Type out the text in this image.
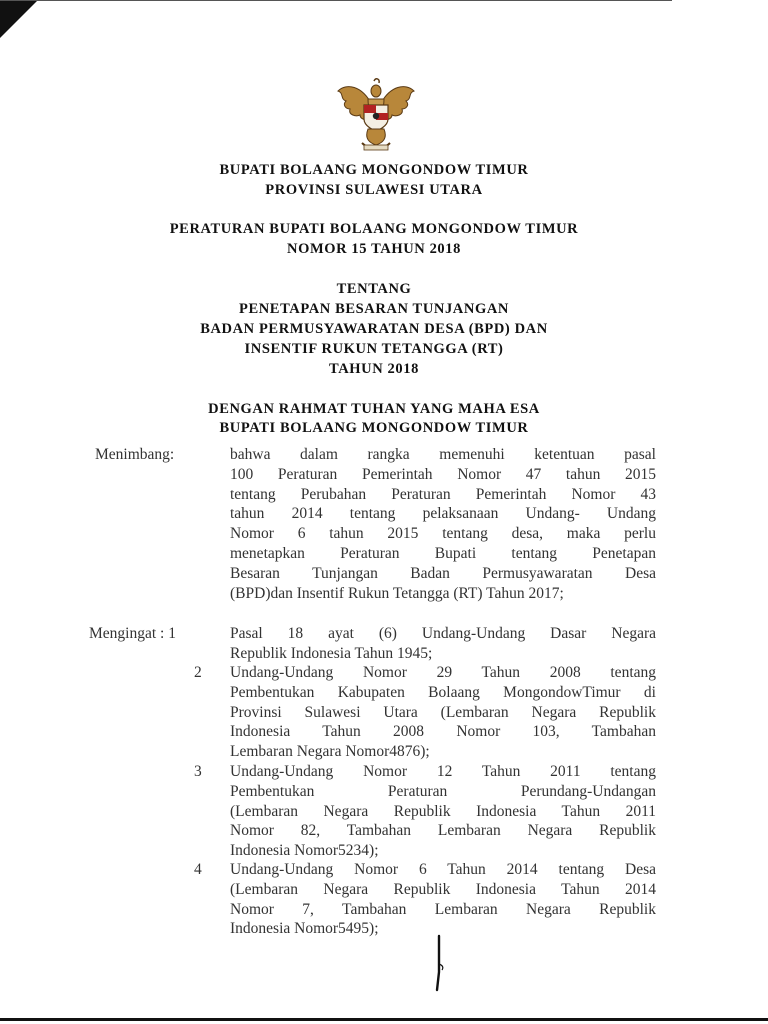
BUPATI BOLAANG MONGONDOW TIMUR
PROVINSI SULAWESI UTARA
PERATURAN BUPATI BOLAANG MONGONDOW TIMUR
NOMOR 15 TAHUN 2018
TENTANG
PENETAPAN BESARAN TUNJANGAN
BADAN PERMUSYAWARATAN DESA (BPD) DAN
INSENTIF RUKUN TETANGGA (RT)
TAHUN 2018
DENGAN RAHMAT TUHAN YANG MAHA ESA
BUPATI BOLAANG MONGONDOW TIMUR
Menimbang:	bahwa dalam rangka memenuhi ketentuan pasal
100 Peraturan Pemerintah Nomor 47 tahun 2015
tentang Perubahan Peraturan Pemerintah Nomor 43
tahun 2014 tentang pelaksanaan Undang- Undang
Nomor 6 tahun 2015 tentang desa, maka perlu
menetapkan Peraturan Bupati tentang Penetapan
Besaran Tunjangan Badan Permusyawaratan Desa
(BPD)dan Insentif Rukun Tetangga (RT) Tahun 2017;
Mengingat : 1	Pasal 18 ayat (6) Undang-Undang Dasar Negara
Republik Indonesia Tahun 1945;
2 Undang-Undang Nomor 29 Tahun 2008 tentang
Pembentukan Kabupaten Bolaang MongondowTimur di
Provinsi Sulawesi Utara (Lembaran Negara Republik
Indonesia Tahun 2008 Nomor 103, Tambahan
Lembaran Negara Nomor4876);
3 Undang-Undang Nomor 12 Tahun 2011 tentang
Pembentukan Peraturan Perundang-Undangan
(Lembaran Negara Republik Indonesia Tahun 2011
Nomor 82, Tambahan Lembaran Negara Republik
Indonesia Nomor5234);
4 Undang-Undang Nomor 6 Tahun 2014 tentang Desa
(Lembaran Negara Republik Indonesia Tahun 2014
Nomor 7, Tambahan Lembaran Negara Republik
Indonesia Nomor5495);
